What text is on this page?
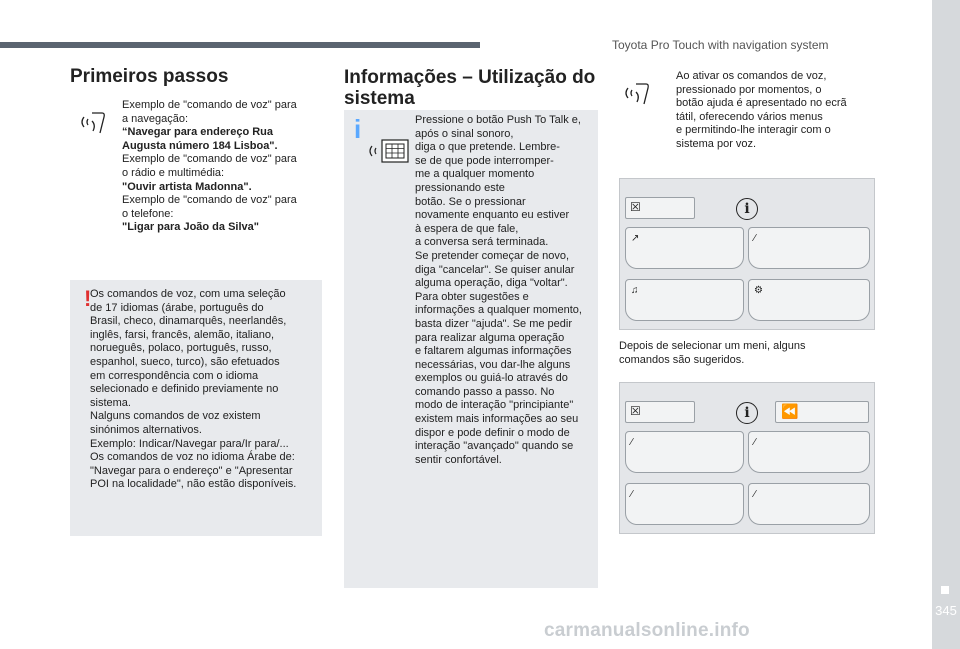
Toyota Pro Touch with navigation system
345
carmanualsonline.info
Primeiros passos
Exemplo de "comando de voz" para
a navegação:
“Navegar para endereço Rua
Augusta número 184 Lisboa".
Exemplo de "comando de voz" para
o rádio e multimédia:
"Ouvir artista Madonna".
Exemplo de "comando de voz" para
o telefone:
"Ligar para João da Silva"
!
Os comandos de voz, com uma seleção
de 17 idiomas (árabe, português do
Brasil, checo, dinamarquês, neerlandês,
inglês, farsi, francês, alemão, italiano,
norueguês, polaco, português, russo,
espanhol, sueco, turco), são efetuados
em correspondência com o idioma
selecionado e definido previamente no
sistema.
Nalguns comandos de voz existem
sinónimos alternativos.
Exemplo: Indicar/Navegar para/Ir para/...
Os comandos de voz no idioma Árabe de:
"Navegar para o endereço" e "Apresentar
POI na localidade", não estão disponíveis.
Informações – Utilização do sistema
i	Pressione o botão Push To Talk e,
após o sinal sonoro,
diga o que pretende. Lembre-
se de que pode interromper-
me a qualquer momento
pressionando este
botão. Se o pressionar
novamente enquanto eu estiver
à espera de que fale,
a conversa será terminada.
Se pretender começar de novo,
diga "cancelar". Se quiser anular
alguma operação, diga "voltar".
Para obter sugestões e
informações a qualquer momento,
basta dizer "ajuda". Se me pedir
para realizar alguma operação
e faltarem algumas informações
necessárias, vou dar-lhe alguns
exemplos ou guiá-lo através do
comando passo a passo. No
modo de interação "principiante"
existem mais informações ao seu
dispor e pode definir o modo de
interação "avançado" quando se
sentir confortável.
Ao ativar os comandos de voz,
pressionado por momentos, o
botão ajuda é apresentado no ecrã
tátil, oferecendo vários menus
e permitindo-lhe interagir com o
sistema por voz.
☒	i
↗	∕
♫	⚙
Depois de selecionar um meni, alguns
comandos são sugeridos.
☒	i	⏪
∕	∕
∕	∕
